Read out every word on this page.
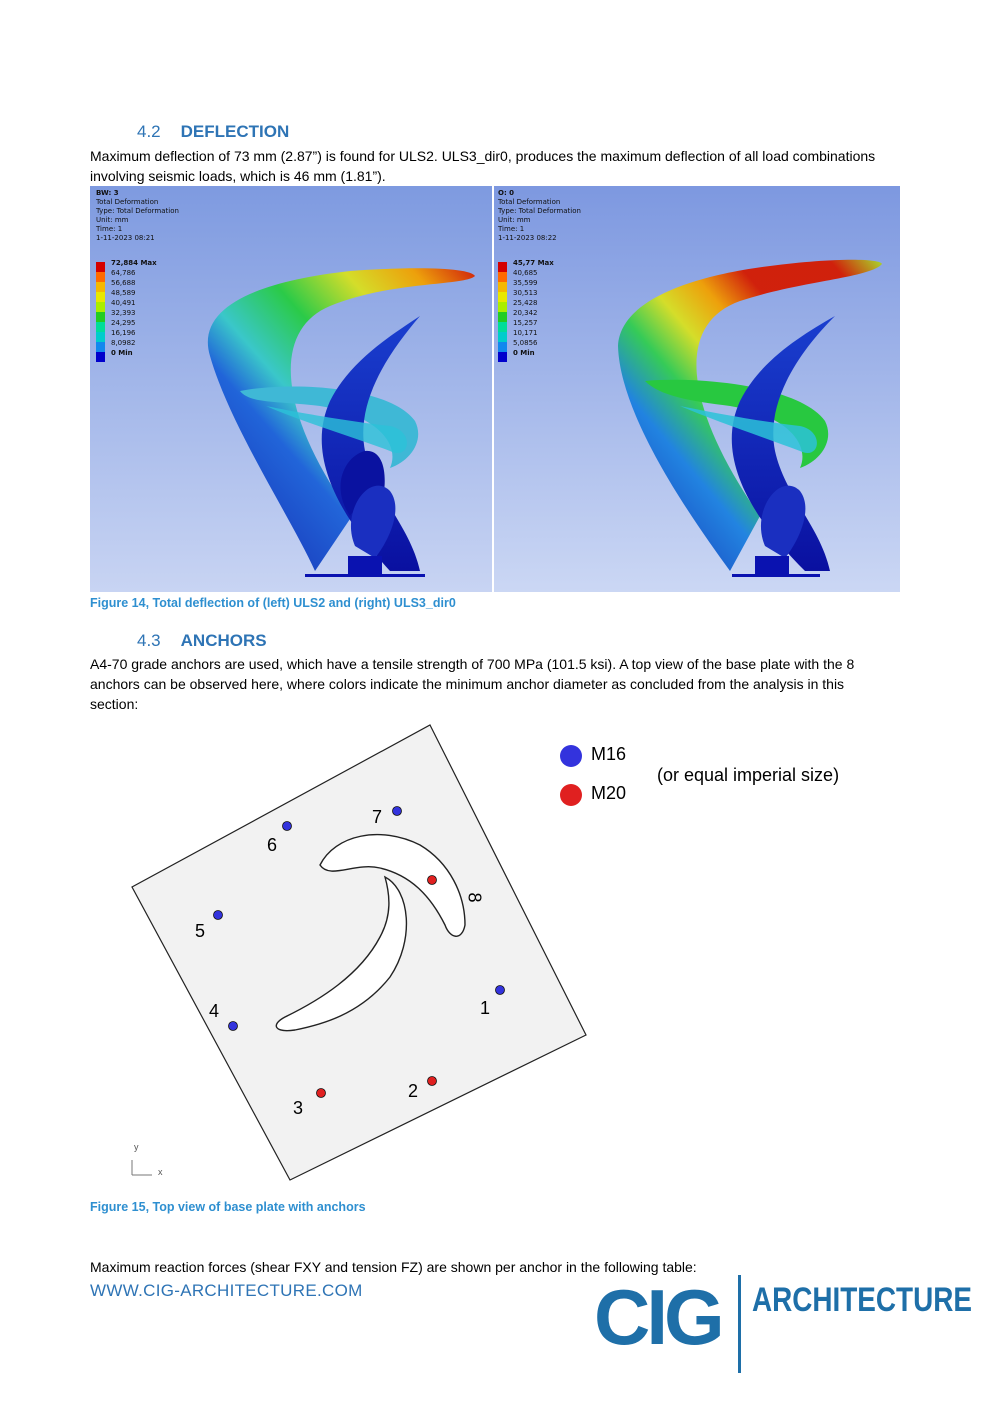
4.2 DEFLECTION
Maximum deflection of 73 mm (2.87”) is found for ULS2. ULS3_dir0, produces the maximum deflection of all load combinations involving seismic loads, which is 46 mm (1.81”).
BW: 3
Total Deformation
Type: Total Deformation
Unit: mm
Time: 1
1-11-2023 08:21
72,884 Max
64,786
56,688
48,589
40,491
32,393
24,295
16,196
8,0982
0 Min
O: 0
Total Deformation
Type: Total Deformation
Unit: mm
Time: 1
1-11-2023 08:22
45,77 Max
40,685
35,599
30,513
25,428
20,342
15,257
10,171
5,0856
0 Min
Figure 14, Total deflection of (left) ULS2 and (right) ULS3_dir0
4.3 ANCHORS
A4-70 grade anchors are used, which have a tensile strength of 700 MPa (101.5 ksi). A top view of the base plate with the 8 anchors can be observed here, where colors indicate the minimum anchor diameter as concluded from the analysis in this section:
1
2
3
4
5
6
7
8
M16
M20
(or equal imperial size)
y
x
Figure 15, Top view of base plate with anchors
Maximum reaction forces (shear FXY and tension FZ) are shown per anchor in the following table:
WWW.CIG-ARCHITECTURE.COM	CIG ARCHITECTURE
